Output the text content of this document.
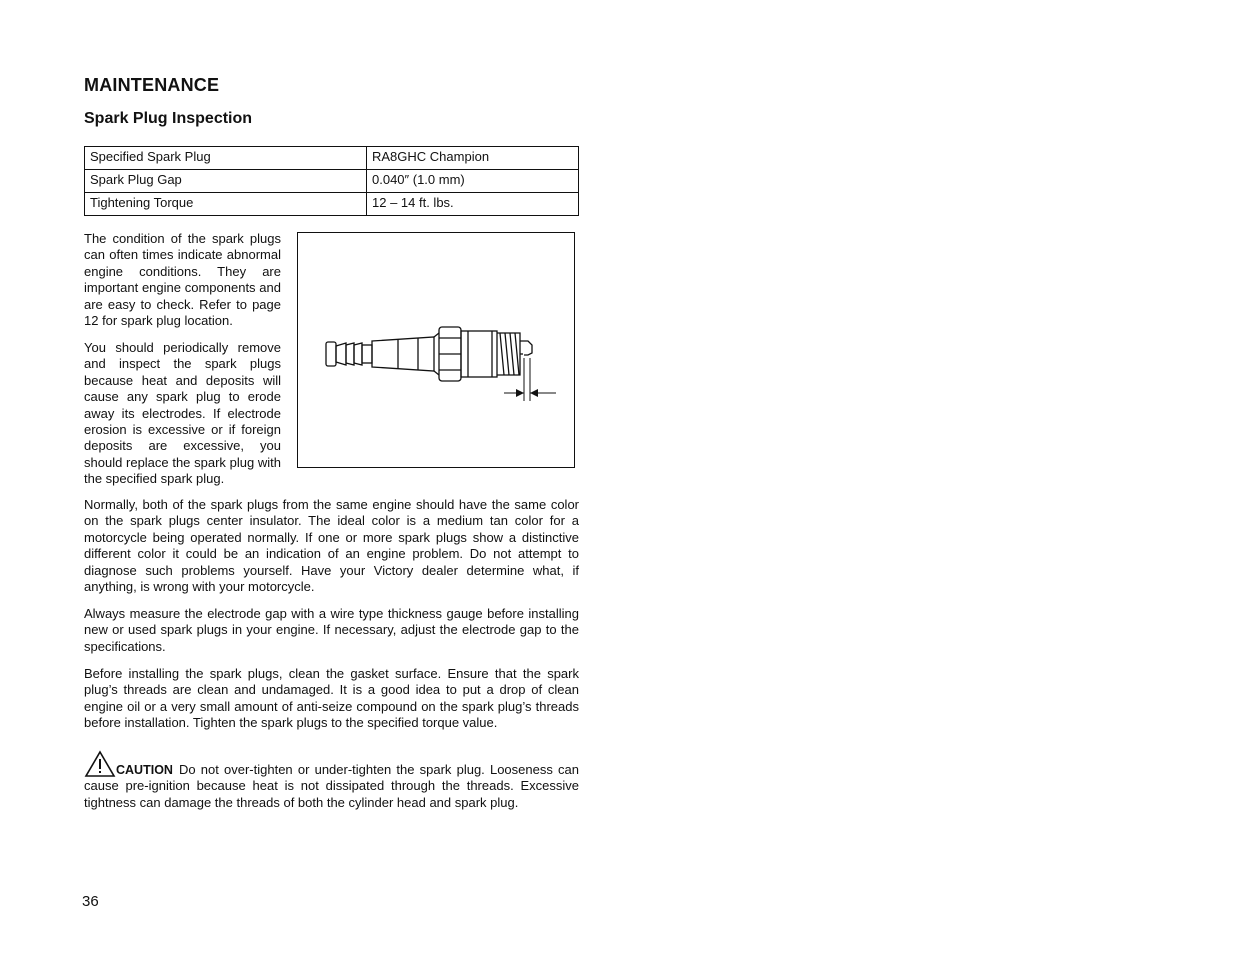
MAINTENANCE
Spark Plug Inspection
Specified Spark Plug	RA8GHC Champion
Spark Plug Gap	0.040″ (1.0 mm)
Tightening Torque	12 – 14 ft. lbs.

The condition of the spark plugs can often times indicate abnormal engine conditions. They are important engine components and are easy to check. Refer to page 12 for spark plug location.

You should periodically remove and inspect the spark plugs because heat and deposits will cause any spark plug to erode away its electrodes. If electrode erosion is excessive or if foreign deposits are excessive, you should replace the spark plug with the specified spark plug.

Normally, both of the spark plugs from the same engine should have the same color on the spark plugs center insulator. The ideal color is a medium tan color for a motorcycle being operated normally. If one or more spark plugs show a distinctive different color it could be an indication of an engine problem. Do not attempt to diagnose such problems yourself. Have your Victory dealer determine what, if anything, is wrong with your motorcycle.

Always measure the electrode gap with a wire type thickness gauge before installing new or used spark plugs in your engine. If necessary, adjust the electrode gap to the specifications.

Before installing the spark plugs, clean the gasket surface. Ensure that the spark plug’s threads are clean and undamaged. It is a good idea to put a drop of clean engine oil or a very small amount of anti-seize compound on the spark plug’s threads before installation. Tighten the spark plugs to the specified torque value.

CAUTION Do not over-tighten or under-tighten the spark plug. Looseness can cause pre-ignition because heat is not dissipated through the threads. Excessive tightness can damage the threads of both the cylinder head and spark plug.

36
